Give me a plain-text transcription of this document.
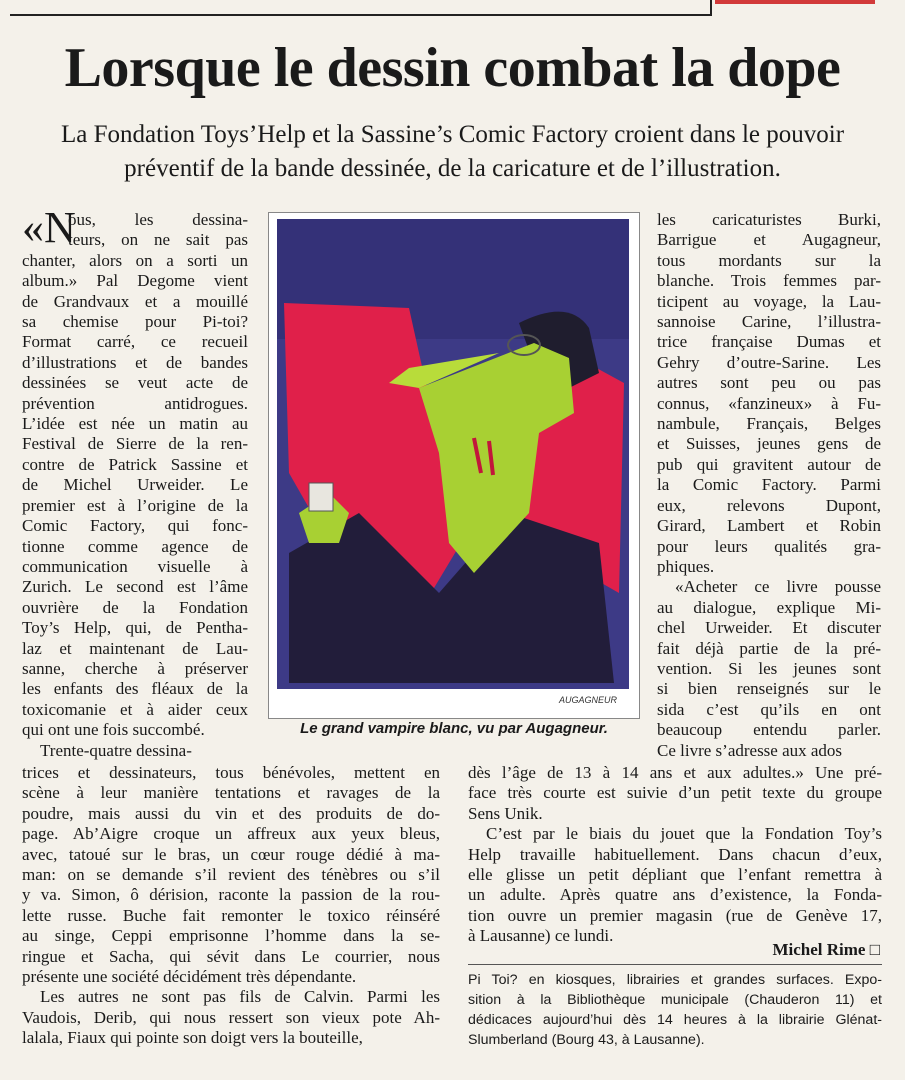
Lorsque le dessin combat la dope
La Fondation Toys’Help et la Sassine’s Comic Factory croient dans le pouvoir
préventif de la bande dessinée, de la caricature et de l’illustration.
«N
ous, les dessina-
teurs, on ne sait pas
chanter, alors on a sorti un
album.» Pal Degome vient
de Grandvaux et a mouillé
sa chemise pour Pi-toi?
Format carré, ce recueil
d’illustrations et de bandes
dessinées se veut acte de
prévention antidrogues.
L’idée est née un matin au
Festival de Sierre de la ren-
contre de Patrick Sassine et
de Michel Urweider. Le
premier est à l’origine de la
Comic Factory, qui fonc-
tionne comme agence de
communication visuelle à
Zurich. Le second est l’âme
ouvrière de la Fondation
Toy’s Help, qui, de Pentha-
laz et maintenant de Lau-
sanne, cherche à préserver
les enfants des fléaux de la
toxicomanie et à aider ceux
qui ont une fois succombé.
Trente-quatre dessina-
trices et dessinateurs, tous bénévoles, mettent en
scène à leur manière tentations et ravages de la
poudre, mais aussi du vin et des produits de do-
page. Ab’Aigre croque un affreux aux yeux bleus,
avec, tatoué sur le bras, un cœur rouge dédié à ma-
man: on se demande s’il revient des ténèbres ou s’il
y va. Simon, ô dérision, raconte la passion de la rou-
lette russe. Buche fait remonter le toxico réinséré
au singe, Ceppi emprisonne l’homme dans la se-
ringue et Sacha, qui sévit dans Le courrier, nous
présente une société décidément très dépendante.
Les autres ne sont pas fils de Calvin. Parmi les
Vaudois, Derib, qui nous ressert son vieux pote Ah-
lalala, Fiaux qui pointe son doigt vers la bouteille,
AUGAGNEUR
Le grand vampire blanc, vu par Augagneur.
les caricaturistes Burki,
Barrigue et Augagneur,
tous mordants sur la
blanche. Trois femmes par-
ticipent au voyage, la Lau-
sannoise Carine, l’illustra-
trice française Dumas et
Gehry d’outre-Sarine. Les
autres sont peu ou pas
connus, «fanzineux» à Fu-
nambule, Français, Belges
et Suisses, jeunes gens de
pub qui gravitent autour de
la Comic Factory. Parmi
eux, relevons Dupont,
Girard, Lambert et Robin
pour leurs qualités gra-
phiques.
«Acheter ce livre pousse
au dialogue, explique Mi-
chel Urweider. Et discuter
fait déjà partie de la pré-
vention. Si les jeunes sont
si bien renseignés sur le
sida c’est qu’ils en ont
beaucoup entendu parler.
Ce livre s’adresse aux ados
dès l’âge de 13 à 14 ans et aux adultes.» Une pré-
face très courte est suivie d’un petit texte du groupe
Sens Unik.
C’est par le biais du jouet que la Fondation Toy’s
Help travaille habituellement. Dans chacun d’eux,
elle glisse un petit dépliant que l’enfant remettra à
un adulte. Après quatre ans d’existence, la Fonda-
tion ouvre un premier magasin (rue de Genève 17,
à Lausanne) ce lundi.
Michel Rime □
Pi Toi? en kiosques, librairies et grandes surfaces. Expo-
sition à la Bibliothèque municipale (Chauderon 11) et
dédicaces aujourd’hui dès 14 heures à la librairie Glénat-
Slumberland (Bourg 43, à Lausanne).
